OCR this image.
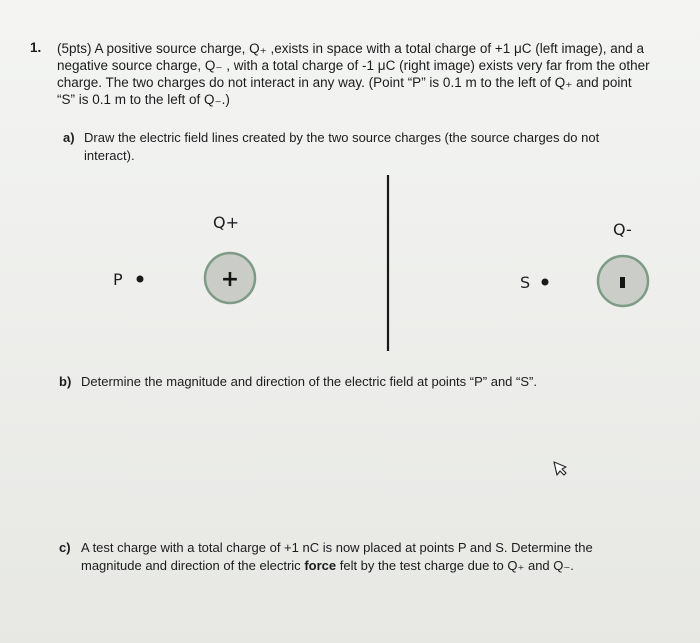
1. (5pts) A positive source charge, Q₊ ,exists in space with a total charge of +1 μC (left image), and a
negative source charge, Q₋ , with a total charge of -1 μC (right image) exists very far from the other
charge. The two charges do not interact in any way. (Point “P” is 0.1 m to the left of Q₊ and point
“S” is 0.1 m to the left of Q₋.)
a) Draw the electric field lines created by the two source charges (the source charges do not
interact).
Q+
+
P
Q-
S
b) Determine the magnitude and direction of the electric field at points “P” and “S”.
c) A test charge with a total charge of +1 nC is now placed at points P and S. Determine the
magnitude and direction of the electric force felt by the test charge due to Q₊ and Q₋.
